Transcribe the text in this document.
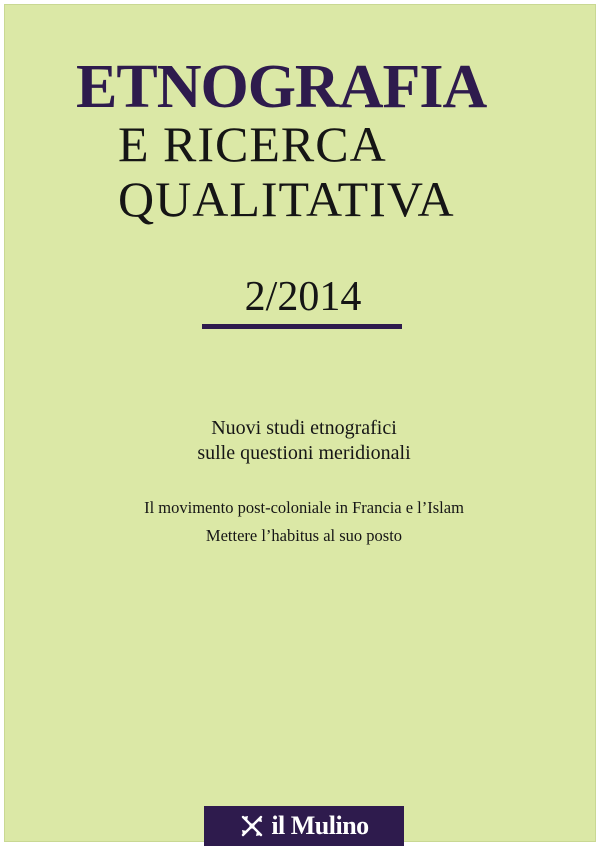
ETNOGRAFIA
E RICERCA
QUALITATIVA
2/2014
Nuovi studi etnografici
sulle questioni meridionali
Il movimento post-coloniale in Francia e l’Islam
Mettere l’habitus al suo posto
il Mulino
